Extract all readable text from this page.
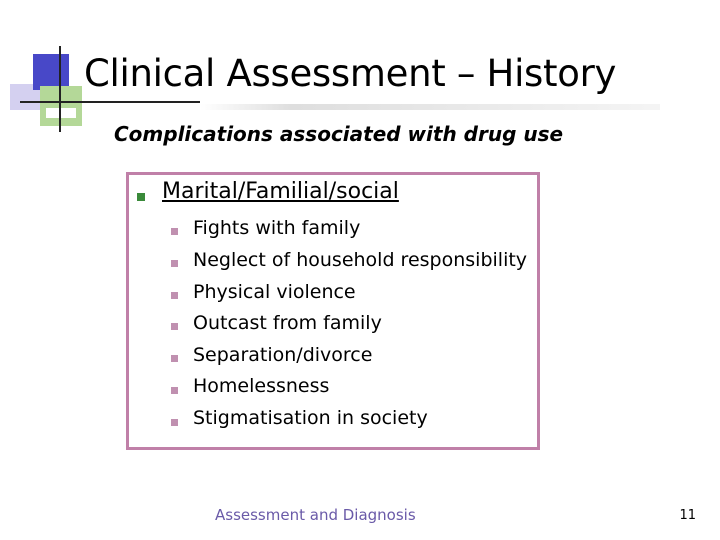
Clinical Assessment – History
Complications associated with drug use
Marital/Familial/social
Fights with family
Neglect of household responsibility
Physical violence
Outcast from family
Separation/divorce
Homelessness
Stigmatisation in society
Assessment and Diagnosis	11
